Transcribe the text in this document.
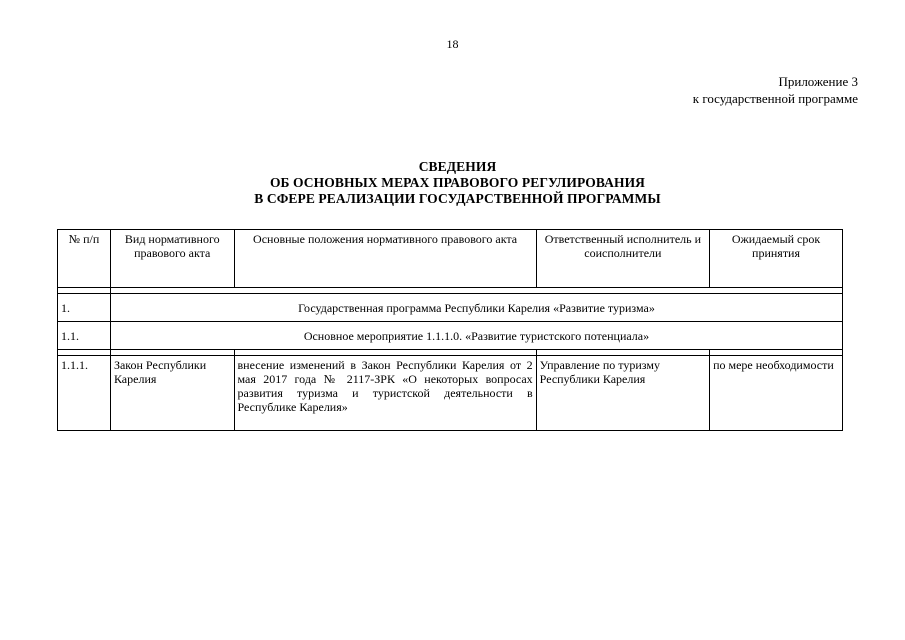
18
Приложение 3
к государственной программе
СВЕДЕНИЯ
ОБ ОСНОВНЫХ МЕРАХ ПРАВОВОГО РЕГУЛИРОВАНИЯ
В СФЕРЕ РЕАЛИЗАЦИИ ГОСУДАРСТВЕННОЙ ПРОГРАММЫ
№ п/п	Вид нормативного правового акта	Основные положения нормативного правового акта	Ответственный исполнитель и соисполнители	Ожидаемый срок принятия

1.	Государственная программа Республики Карелия «Развитие туризма»			
1.1.	Основное мероприятие 1.1.1.0. «Развитие туристского потенциала»			

1.1.1.	Закон Республики Карелия	внесение изменений в Закон Республики Карелия от 2 мая 2017 года № 2117-ЗРК «О некоторых вопросах развития туризма и туристской деятельности в Республике Карелия»	Управление по туризму Республики Карелия	по мере необходимости
